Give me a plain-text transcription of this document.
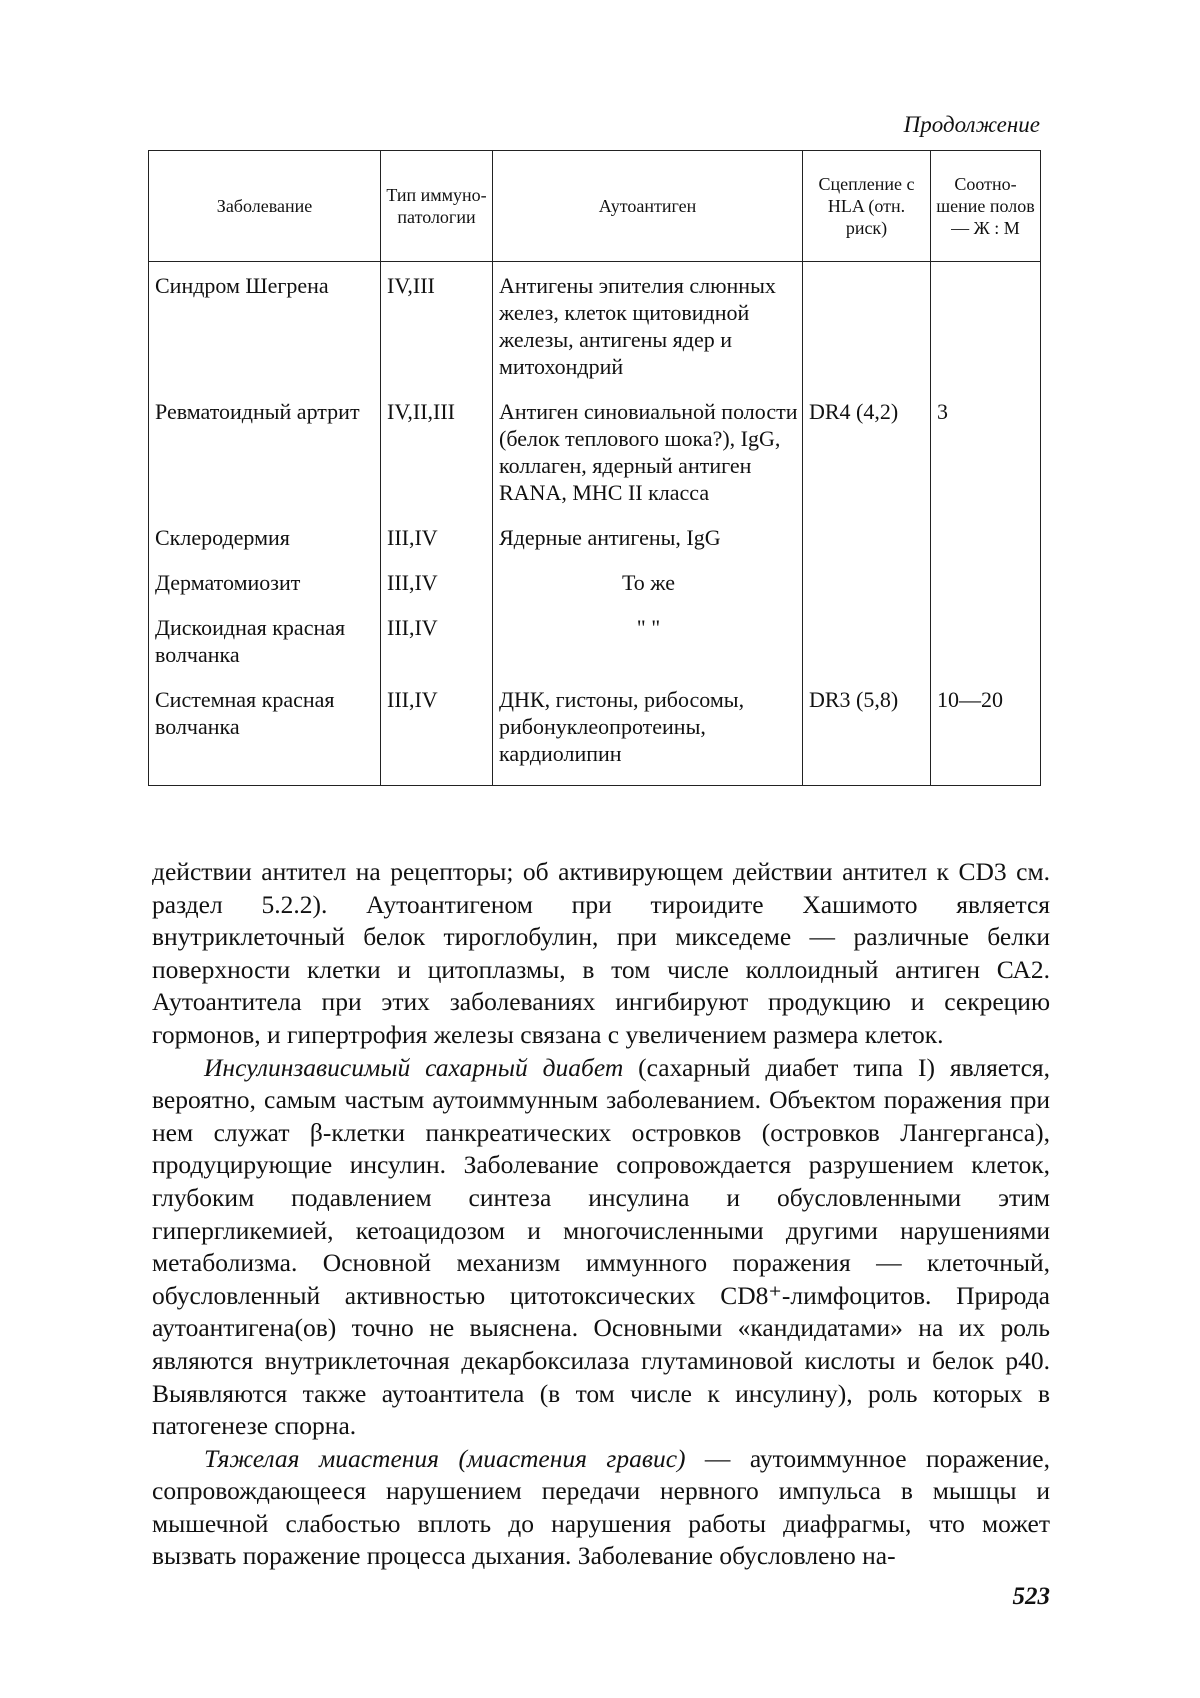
Продолжение
Заболевание	Тип иммуно-патологии	Аутоантиген	Сцепление с HLA (отн. риск)	Соотно-шение полов — Ж : М
Синдром Шегрена	IV,III	Антигены эпителия слюнных желез, клеток щитовидной железы, антигены ядер и митохондрий		
Ревматоидный артрит	IV,II,III	Антиген синовиальной полости (белок теплового шока?), IgG, коллаген, ядерный антиген RANA, MHC II класса	DR4 (4,2)	3
Склеродермия	III,IV	Ядерные антигены, IgG		
Дерматомиозит	III,IV	То же		
Дискоидная красная волчанка	III,IV	" "		
Системная красная волчанка	III,IV	ДНК, гистоны, рибосомы, рибонуклеопротеины, кардиолипин	DR3 (5,8)	10—20

действии антител на рецепторы; об активирующем действии антител к CD3 см. раздел 5.2.2). Аутоантигеном при тироидите Хашимото является внутриклеточный белок тироглобулин, при микседеме — различные белки поверхности клетки и цитоплазмы, в том числе коллоидный антиген СА2. Аутоантитела при этих заболеваниях ингибируют продукцию и секрецию гормонов, и гипертрофия железы связана с увеличением размера клеток.

Инсулинзависимый сахарный диабет (сахарный диабет типа I) является, вероятно, самым частым аутоиммунным заболеванием. Объектом поражения при нем служат β-клетки панкреатических островков (островков Лангерганса), продуцирующие инсулин. Заболевание сопровождается разрушением клеток, глубоким подавлением синтеза инсулина и обусловленными этим гипергликемией, кетоацидозом и многочисленными другими нарушениями метаболизма. Основной механизм иммунного поражения — клеточный, обусловленный активностью цитотоксических CD8⁺-лимфоцитов. Природа аутоантигена(ов) точно не выяснена. Основными «кандидатами» на их роль являются внутриклеточная декарбоксилаза глутаминовой кислоты и белок p40. Выявляются также аутоантитела (в том числе к инсулину), роль которых в патогенезе спорна.

Тяжелая миастения (миастения гравис) — аутоиммунное поражение, сопровождающееся нарушением передачи нервного импульса в мышцы и мышечной слабостью вплоть до нарушения работы диафрагмы, что может вызвать поражение процесса дыхания. Заболевание обусловлено на-

523
